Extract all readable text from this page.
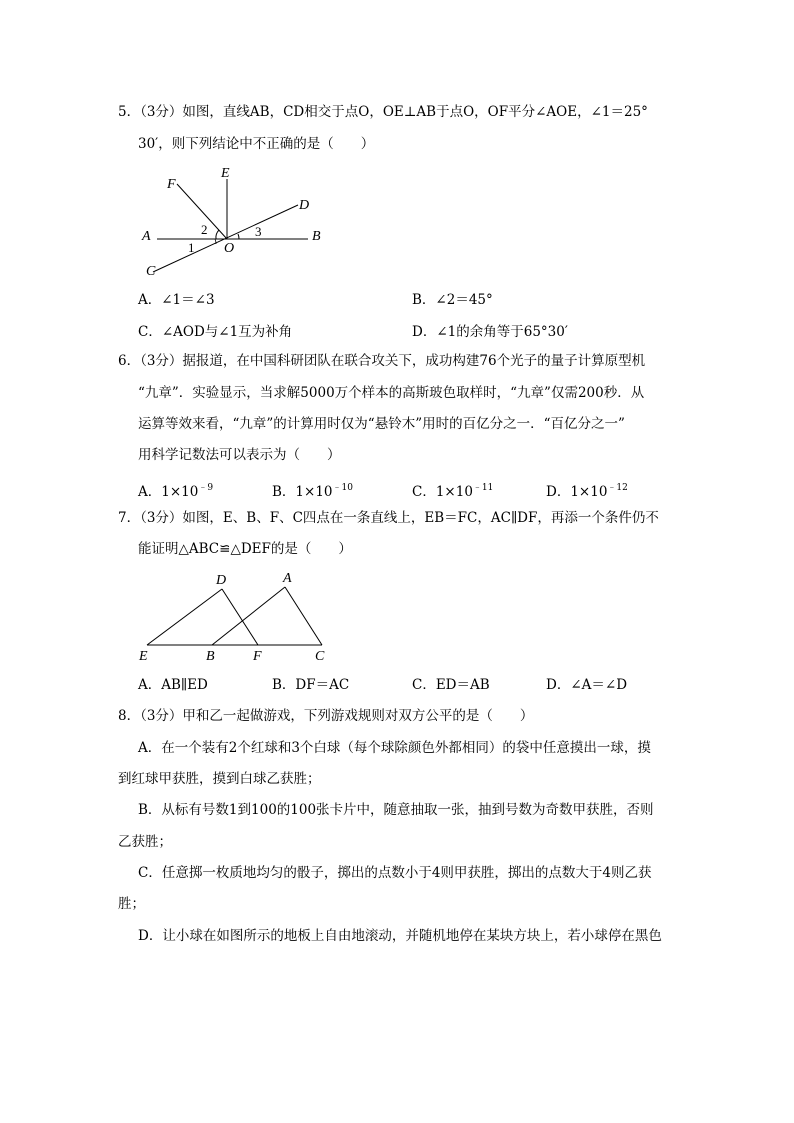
5．（3分）如图，直线AB，CD相交于点O，OE⊥AB于点O，OF平分∠AOE，∠1＝25°
30′，则下列结论中不正确的是（　　）
F
E
D
A	B
O
C
1
2	3
A．∠1＝∠3	B．∠2＝45°
C．∠AOD与∠1互为补角	D．∠1的余角等于65°30′
6．（3分）据报道，在中国科研团队在联合攻关下，成功构建76个光子的量子计算原型机
“九章”．实验显示，当求解5000万个样本的高斯玻色取样时，“九章”仅需200秒．从
运算等效来看，“九章”的计算用时仅为“悬铃木”用时的百亿分之一．“百亿分之一”
用科学记数法可以表示为（　　）
A．$1\times 10^{﹣9}$	B．$1\times 10^{﹣10}$	C．$1\times 10^{﹣11}$	D．$1\times 10^{﹣12}$
7．（3分）如图，E、B、F、C四点在一条直线上，EB＝FC，AC∥DF，再添一个条件仍不
能证明△ABC≌△DEF的是（　　）
D	A
E	B	F	C
A．AB∥ED	B．DF＝AC	C．ED＝AB	D．∠A＝∠D
8．（3分）甲和乙一起做游戏，下列游戏规则对双方公平的是（　　）
A．在一个装有2个红球和3个白球（每个球除颜色外都相同）的袋中任意摸出一球，摸
到红球甲获胜，摸到白球乙获胜；
B．从标有号数1到100的100张卡片中，随意抽取一张，抽到号数为奇数甲获胜，否则
乙获胜；
C．任意掷一枚质地均匀的骰子，掷出的点数小于4则甲获胜，掷出的点数大于4则乙获
胜；
D．让小球在如图所示的地板上自由地滚动，并随机地停在某块方块上，若小球停在黑色
